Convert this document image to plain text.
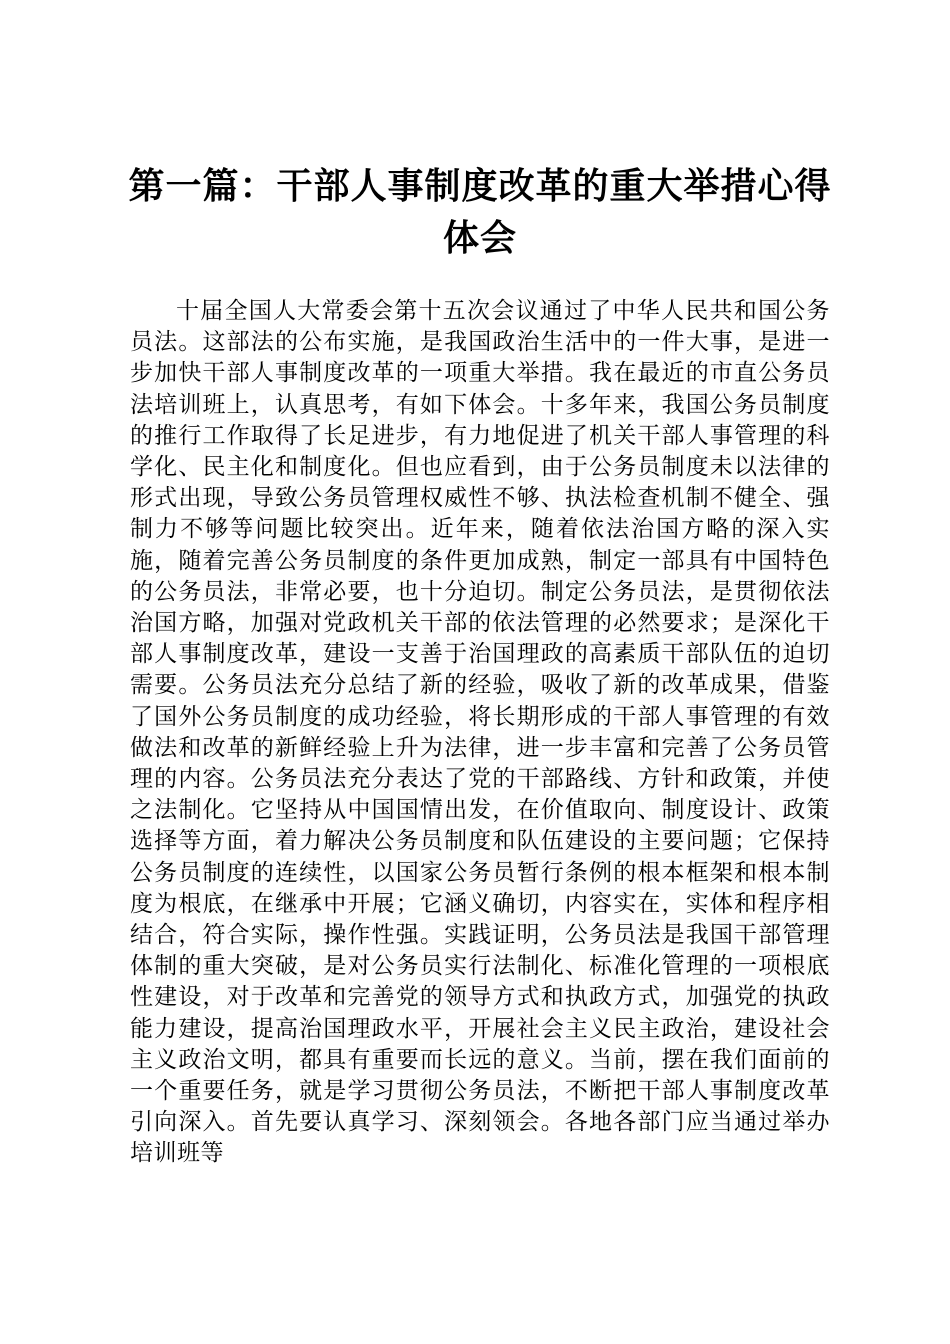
第一篇：干部人事制度改革的重大举措心得体会

十届全国人大常委会第十五次会议通过了中华人民共和国公务员法。这部法的公布实施，是我国政治生活中的一件大事，是进一步加快干部人事制度改革的一项重大举措。我在最近的市直公务员法培训班上，认真思考，有如下体会。十多年来，我国公务员制度的推行工作取得了长足进步，有力地促进了机关干部人事管理的科学化、民主化和制度化。但也应看到，由于公务员制度未以法律的形式出现，导致公务员管理权威性不够、执法检查机制不健全、强制力不够等问题比较突出。近年来，随着依法治国方略的深入实施，随着完善公务员制度的条件更加成熟，制定一部具有中国特色的公务员法，非常必要，也十分迫切。制定公务员法，是贯彻依法治国方略，加强对党政机关干部的依法管理的必然要求；是深化干部人事制度改革，建设一支善于治国理政的高素质干部队伍的迫切需要。公务员法充分总结了新的经验，吸收了新的改革成果，借鉴了国外公务员制度的成功经验，将长期形成的干部人事管理的有效做法和改革的新鲜经验上升为法律，进一步丰富和完善了公务员管理的内容。公务员法充分表达了党的干部路线、方针和政策，并使之法制化。它坚持从中国国情出发，在价值取向、制度设计、政策选择等方面，着力解决公务员制度和队伍建设的主要问题；它保持公务员制度的连续性，以国家公务员暂行条例的根本框架和根本制度为根底，在继承中开展；它涵义确切，内容实在，实体和程序相结合，符合实际，操作性强。实践证明，公务员法是我国干部管理体制的重大突破，是对公务员实行法制化、标准化管理的一项根底性建设，对于改革和完善党的领导方式和执政方式，加强党的执政能力建设，提高治国理政水平，开展社会主义民主政治，建设社会主义政治文明，都具有重要而长远的意义。当前，摆在我们面前的一个重要任务，就是学习贯彻公务员法，不断把干部人事制度改革引向深入。首先要认真学习、深刻领会。各地各部门应当通过举办培训班等
